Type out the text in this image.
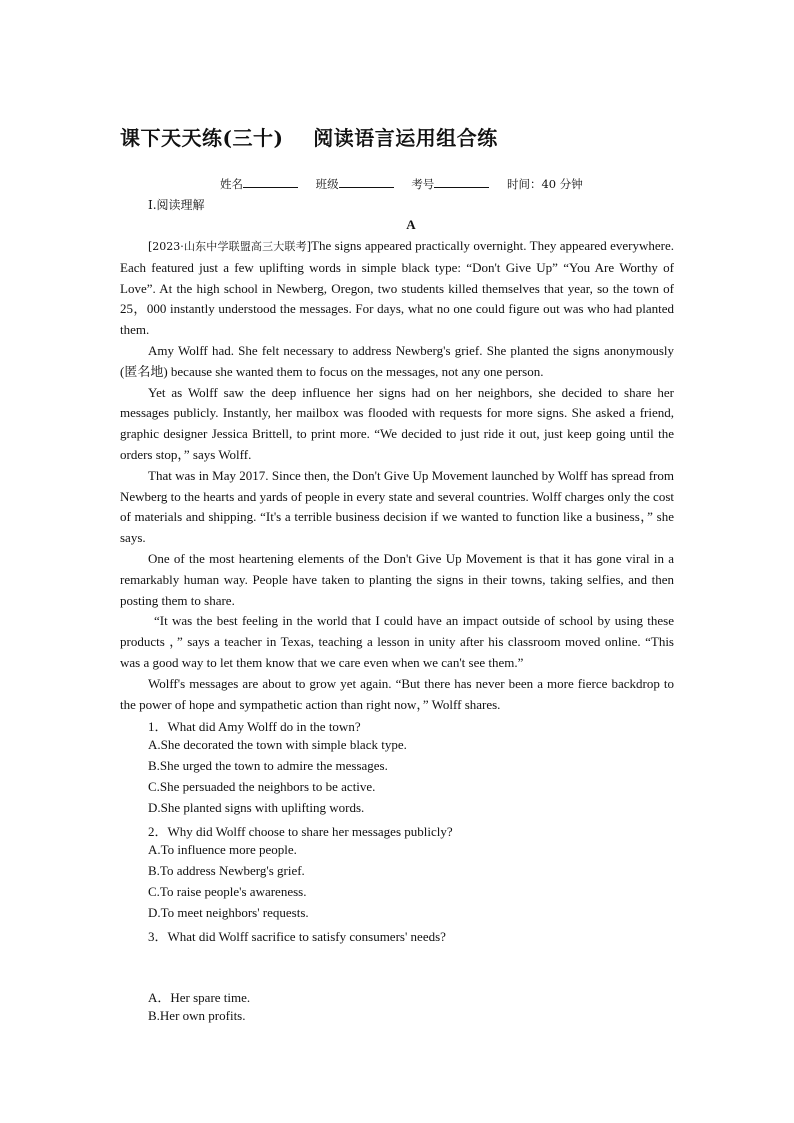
课下天天练(三十)    阅读语言运用组合练
姓名	班级	考号	时间：40 分钟
Ⅰ.阅读理解
A

[2023·山东中学联盟高三大联考]The signs appeared practically overnight. They appeared everywhere. Each featured just a few uplifting words in simple black type: “Don't Give Up” “You Are Worthy of Love”. At the high school in Newberg, Oregon, two students killed themselves that year, so the town of 25，000 instantly understood the messages. For days, what no one could figure out was who had planted them.

Amy Wolff had. She felt necessary to address Newberg's grief. She planted the signs anonymously (匿名地) because she wanted them to focus on the messages, not any one person.

Yet as Wolff saw the deep influence her signs had on her neighbors, she decided to share her messages publicly. Instantly, her mailbox was flooded with requests for more signs. She asked a friend, graphic designer Jessica Brittell, to print more. “We decided to just ride it out, just keep going until the orders stop，” says Wolff.

That was in May 2017. Since then, the Don't Give Up Movement launched by Wolff has spread from Newberg to the hearts and yards of people in every state and several countries. Wolff charges only the cost of materials and shipping. “It's a terrible business decision if we wanted to function like a business，” she says.

One of the most heartening elements of the Don't Give Up Movement is that it has gone viral in a remarkably human way. People have taken to planting the signs in their towns, taking selfies, and then posting them to share.

“It was the best feeling in the world that I could have an impact outside of school by using these products ，” says a teacher in Texas, teaching a lesson in unity after his classroom moved online. “This was a good way to let them know that we care even when we can't see them.”

Wolff's messages are about to grow yet again. “But there has never been a more fierce backdrop to the power of hope and sympathetic action than right now，” Wolff shares.

1．What did Amy Wolff do in the town?
A.She decorated the town with simple black type.
B.She urged the town to admire the messages.
C.She persuaded the neighbors to be active.
D.She planted signs with uplifting words.
2．Why did Wolff choose to share her messages publicly?
A.To influence more people.
B.To address Newberg's grief.
C.To raise people's awareness.
D.To meet neighbors' requests.
3．What did Wolff sacrifice to satisfy consumers' needs?
A．Her spare time.
B.Her own profits.
